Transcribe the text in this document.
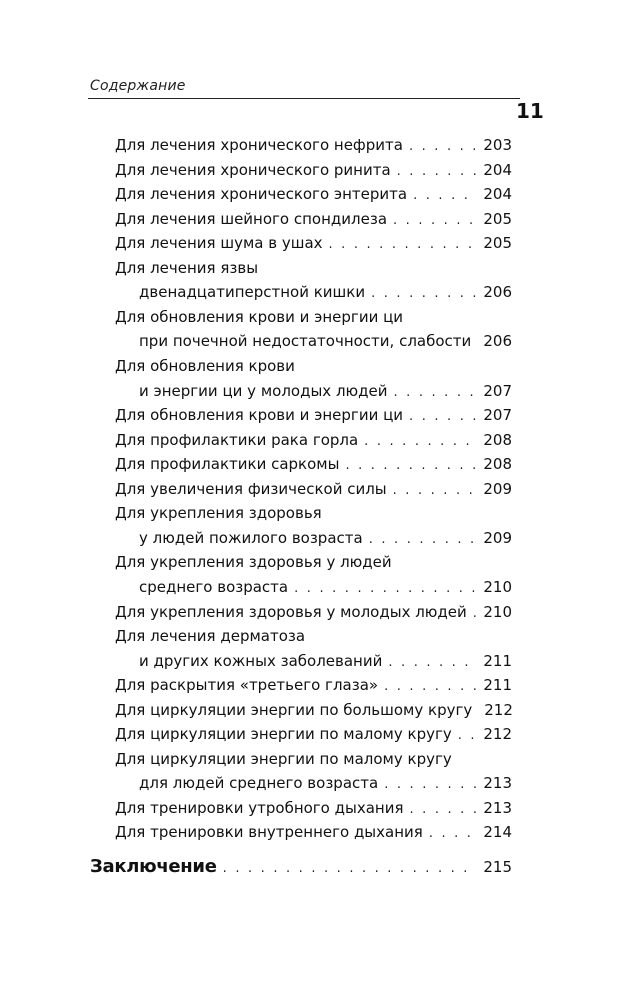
Содержание
11
Для лечения хронического нефрита . . .	203
Для лечения хронического ринита . . .	204
Для лечения хронического энтерита . . .	204
Для лечения шейного спондилеза . . .	205
Для лечения шума в ушах . . .	205
Для лечения язвы
двенадцатиперстной кишки . . .	206
Для обновления крови и энергии ци
при почечной недостаточности, слабости . . . 206
Для обновления крови
и энергии ци у молодых людей . . .	207
Для обновления крови и энергии ци . . .	207
Для профилактики рака горла . . .	208
Для профилактики саркомы . . .	208
Для увеличения физической силы . . .	209
Для укрепления здоровья
у людей пожилого возраста . . .	209
Для укрепления здоровья у людей
среднего возраста . . .	210
Для укрепления здоровья у молодых людей . . . 210
Для лечения дерматоза
и других кожных заболеваний . . .	211
Для раскрытия «третьего глаза» . . .	211
Для циркуляции энергии по большому кругу 212
Для циркуляции энергии по малому кругу . . . 212
Для циркуляции энергии по малому кругу
для людей среднего возраста . . .	213
Для тренировки утробного дыхания . . .	213
Для тренировки внутреннего дыхания . . .	214
Заключение . . .	215
